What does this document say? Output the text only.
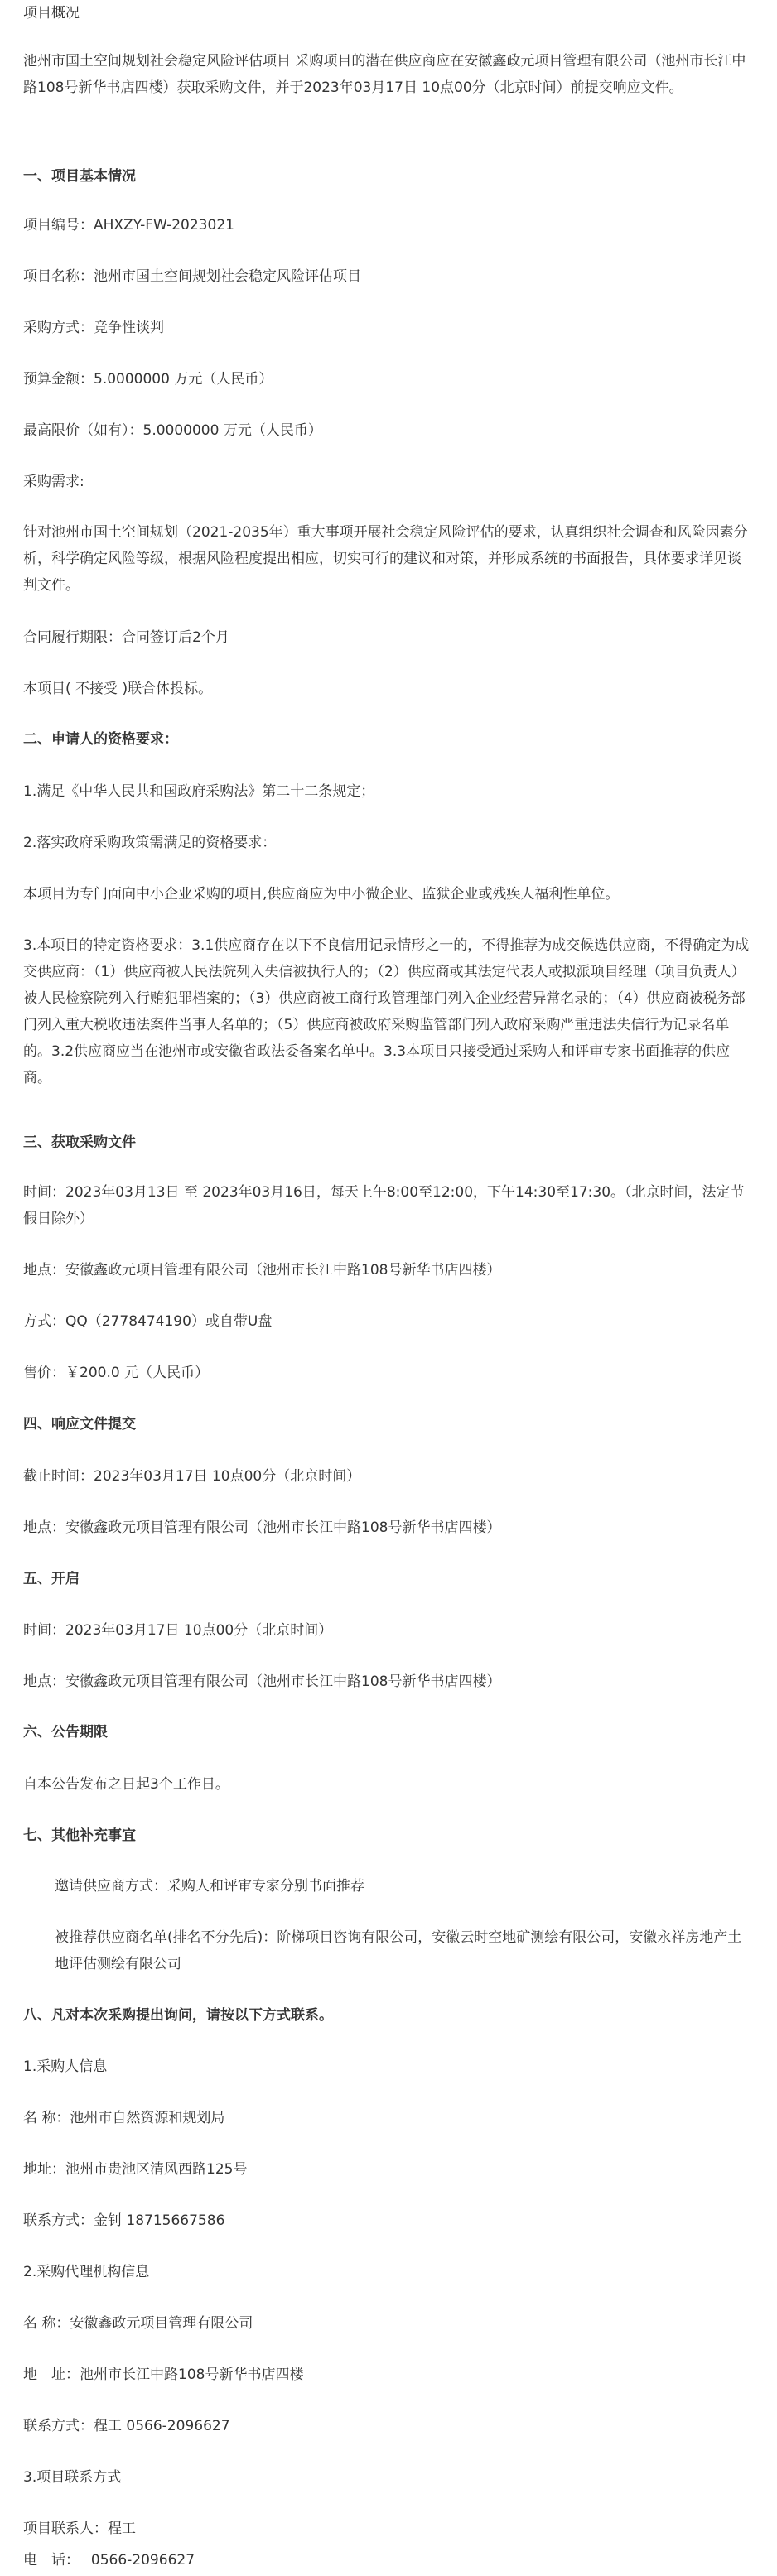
项目概况

池州市国土空间规划社会稳定风险评估项目 采购项目的潜在供应商应在安徽鑫政元项目管理有限公司（池州市长江中路108号新华书店四楼）获取采购文件，并于2023年03月17日 10点00分（北京时间）前提交响应文件。

一、项目基本情况

项目编号：AHXZY-FW-2023021

项目名称：池州市国土空间规划社会稳定风险评估项目

采购方式：竞争性谈判

预算金额：5.0000000 万元（人民币）

最高限价（如有）：5.0000000 万元（人民币）

采购需求:

针对池州市国土空间规划（2021-2035年）重大事项开展社会稳定风险评估的要求，认真组织社会调查和风险因素分析，科学确定风险等级，根据风险程度提出相应，切实可行的建议和对策，并形成系统的书面报告，具体要求详见谈判文件。

合同履行期限：合同签订后2个月

本项目( 不接受 )联合体投标。

二、申请人的资格要求：

1.满足《中华人民共和国政府采购法》第二十二条规定；

2.落实政府采购政策需满足的资格要求：

本项目为专门面向中小企业采购的项目,供应商应为中小微企业、监狱企业或残疾人福利性单位。

3.本项目的特定资格要求：3.1供应商存在以下不良信用记录情形之一的，不得推荐为成交候选供应商，不得确定为成交供应商：（1）供应商被人民法院列入失信被执行人的；（2）供应商或其法定代表人或拟派项目经理（项目负责人）被人民检察院列入行贿犯罪档案的；（3）供应商被工商行政管理部门列入企业经营异常名录的；（4）供应商被税务部门列入重大税收违法案件当事人名单的；（5）供应商被政府采购监管部门列入政府采购严重违法失信行为记录名单的。3.2供应商应当在池州市或安徽省政法委备案名单中。3.3本项目只接受通过采购人和评审专家书面推荐的供应商。

三、获取采购文件

时间：2023年03月13日 至 2023年03月16日，每天上午8:00至12:00，下午14:30至17:30。（北京时间，法定节假日除外）

地点：安徽鑫政元项目管理有限公司（池州市长江中路108号新华书店四楼）

方式：QQ（2778474190）或自带U盘

售价：￥200.0 元（人民币）

四、响应文件提交

截止时间：2023年03月17日 10点00分（北京时间）

地点：安徽鑫政元项目管理有限公司（池州市长江中路108号新华书店四楼）

五、开启

时间：2023年03月17日 10点00分（北京时间）

地点：安徽鑫政元项目管理有限公司（池州市长江中路108号新华书店四楼）

六、公告期限

自本公告发布之日起3个工作日。

七、其他补充事宜

邀请供应商方式：采购人和评审专家分别书面推荐

被推荐供应商名单(排名不分先后)：阶梯项目咨询有限公司，安徽云时空地矿测绘有限公司，安徽永祥房地产土地评估测绘有限公司

八、凡对本次采购提出询问，请按以下方式联系。

1.采购人信息

名 称：池州市自然资源和规划局

地址：池州市贵池区清风西路125号

联系方式：金钊 18715667586

2.采购代理机构信息

名 称：安徽鑫政元项目管理有限公司

地　址：池州市长江中路108号新华书店四楼

联系方式：程工 0566-2096627

3.项目联系方式

项目联系人：程工

电　话：　 0566-2096627
